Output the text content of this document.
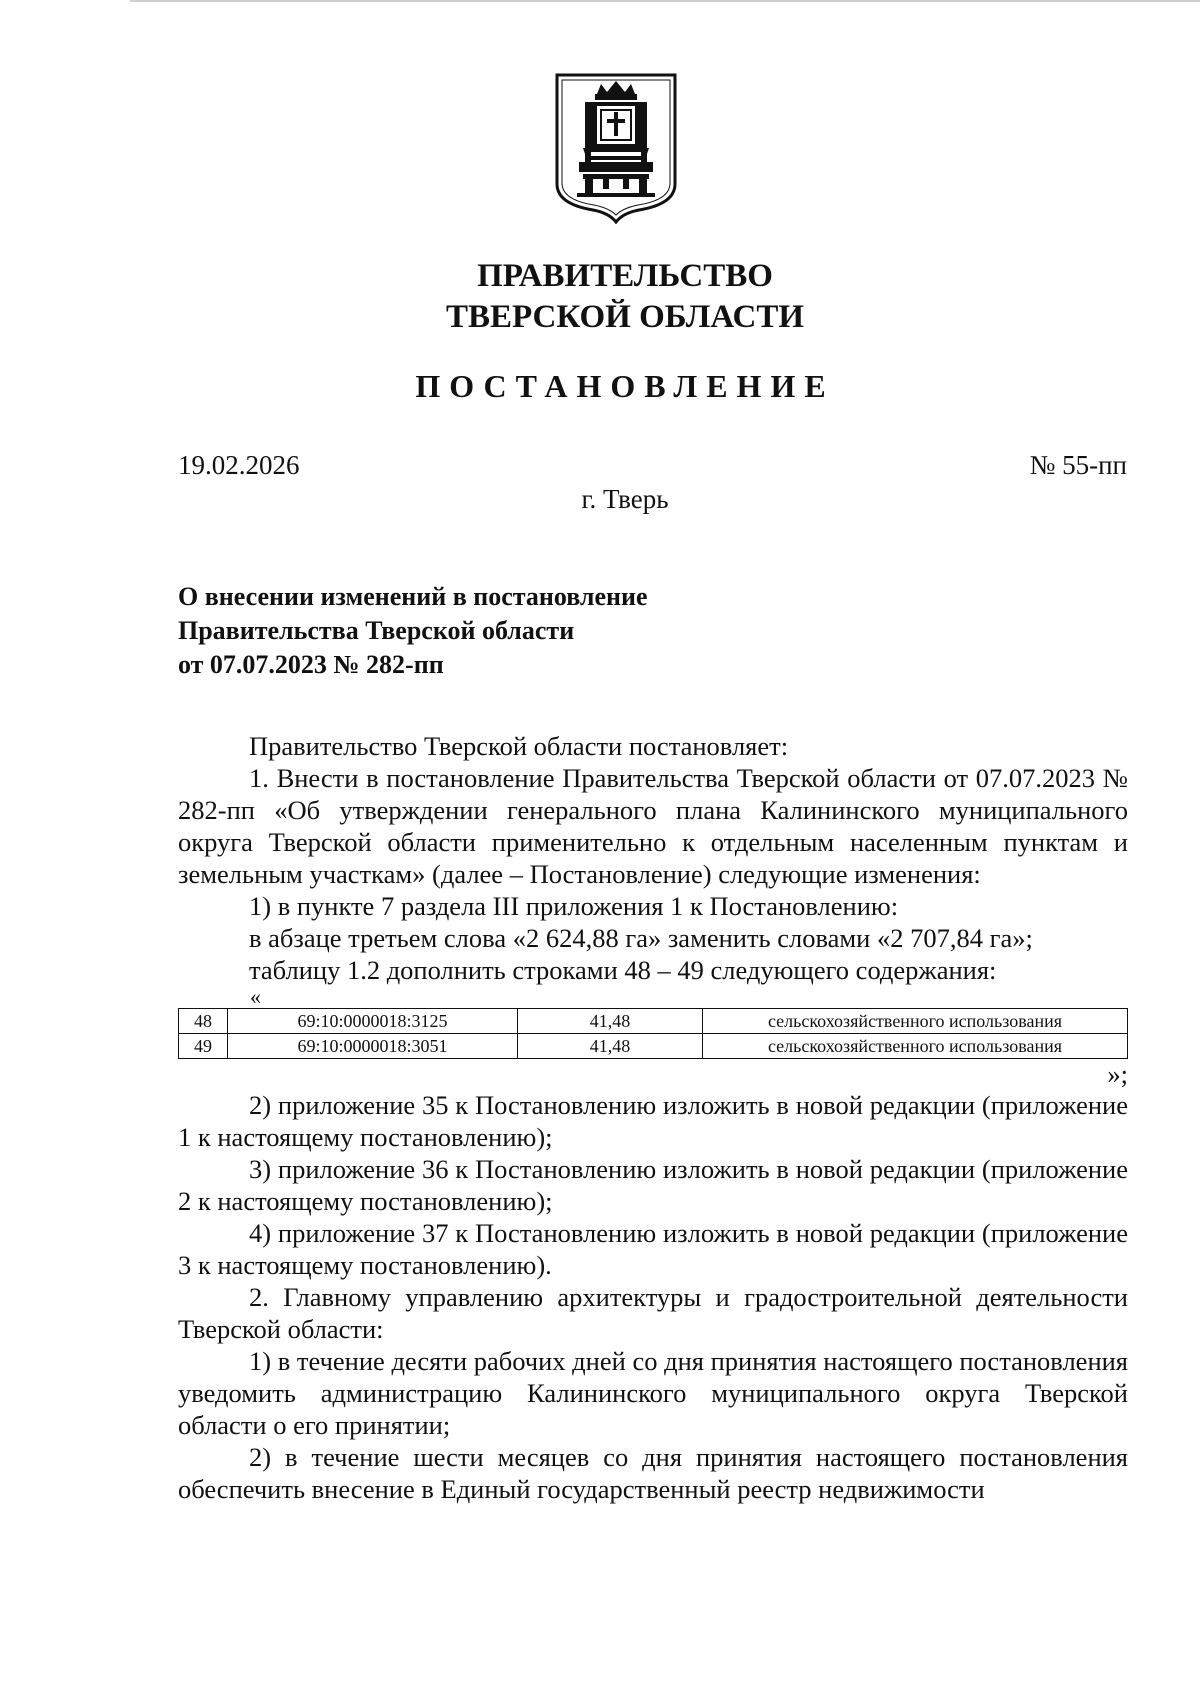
ПРАВИТЕЛЬСТВО
ТВЕРСКОЙ ОБЛАСТИ
ПОСТАНОВЛЕНИЕ
19.02.2026	№ 55-пп
г. Тверь
О внесении изменений в постановление
Правительства Тверской области
от 07.07.2023 № 282-пп

Правительство Тверской области постановляет:

1. Внести в постановление Правительства Тверской области от 07.07.2023 № 282-пп «Об утверждении генерального плана Калининского муниципального округа Тверской области применительно к отдельным населенным пунктам и земельным участкам» (далее – Постановление) следующие изменения:

1) в пункте 7 раздела III приложения 1 к Постановлению:

в абзаце третьем слова «2 624,88 га» заменить словами «2 707,84 га»;

таблицу 1.2 дополнить строками 48 – 49 следующего содержания:

«
48	69:10:0000018:3125	41,48	сельскохозяйственного использования
49	69:10:0000018:3051	41,48	сельскохозяйственного использования
»;

2) приложение 35 к Постановлению изложить в новой редакции (приложение 1 к настоящему постановлению);

3) приложение 36 к Постановлению изложить в новой редакции (приложение 2 к настоящему постановлению);

4) приложение 37 к Постановлению изложить в новой редакции (приложение 3 к настоящему постановлению).

2. Главному управлению архитектуры и градостроительной деятельности Тверской области:

1) в течение десяти рабочих дней со дня принятия настоящего постановления уведомить администрацию Калининского муниципального округа Тверской области о его принятии;

2) в течение шести месяцев со дня принятия настоящего постановления обеспечить внесение в Единый государственный реестр недвижимости
